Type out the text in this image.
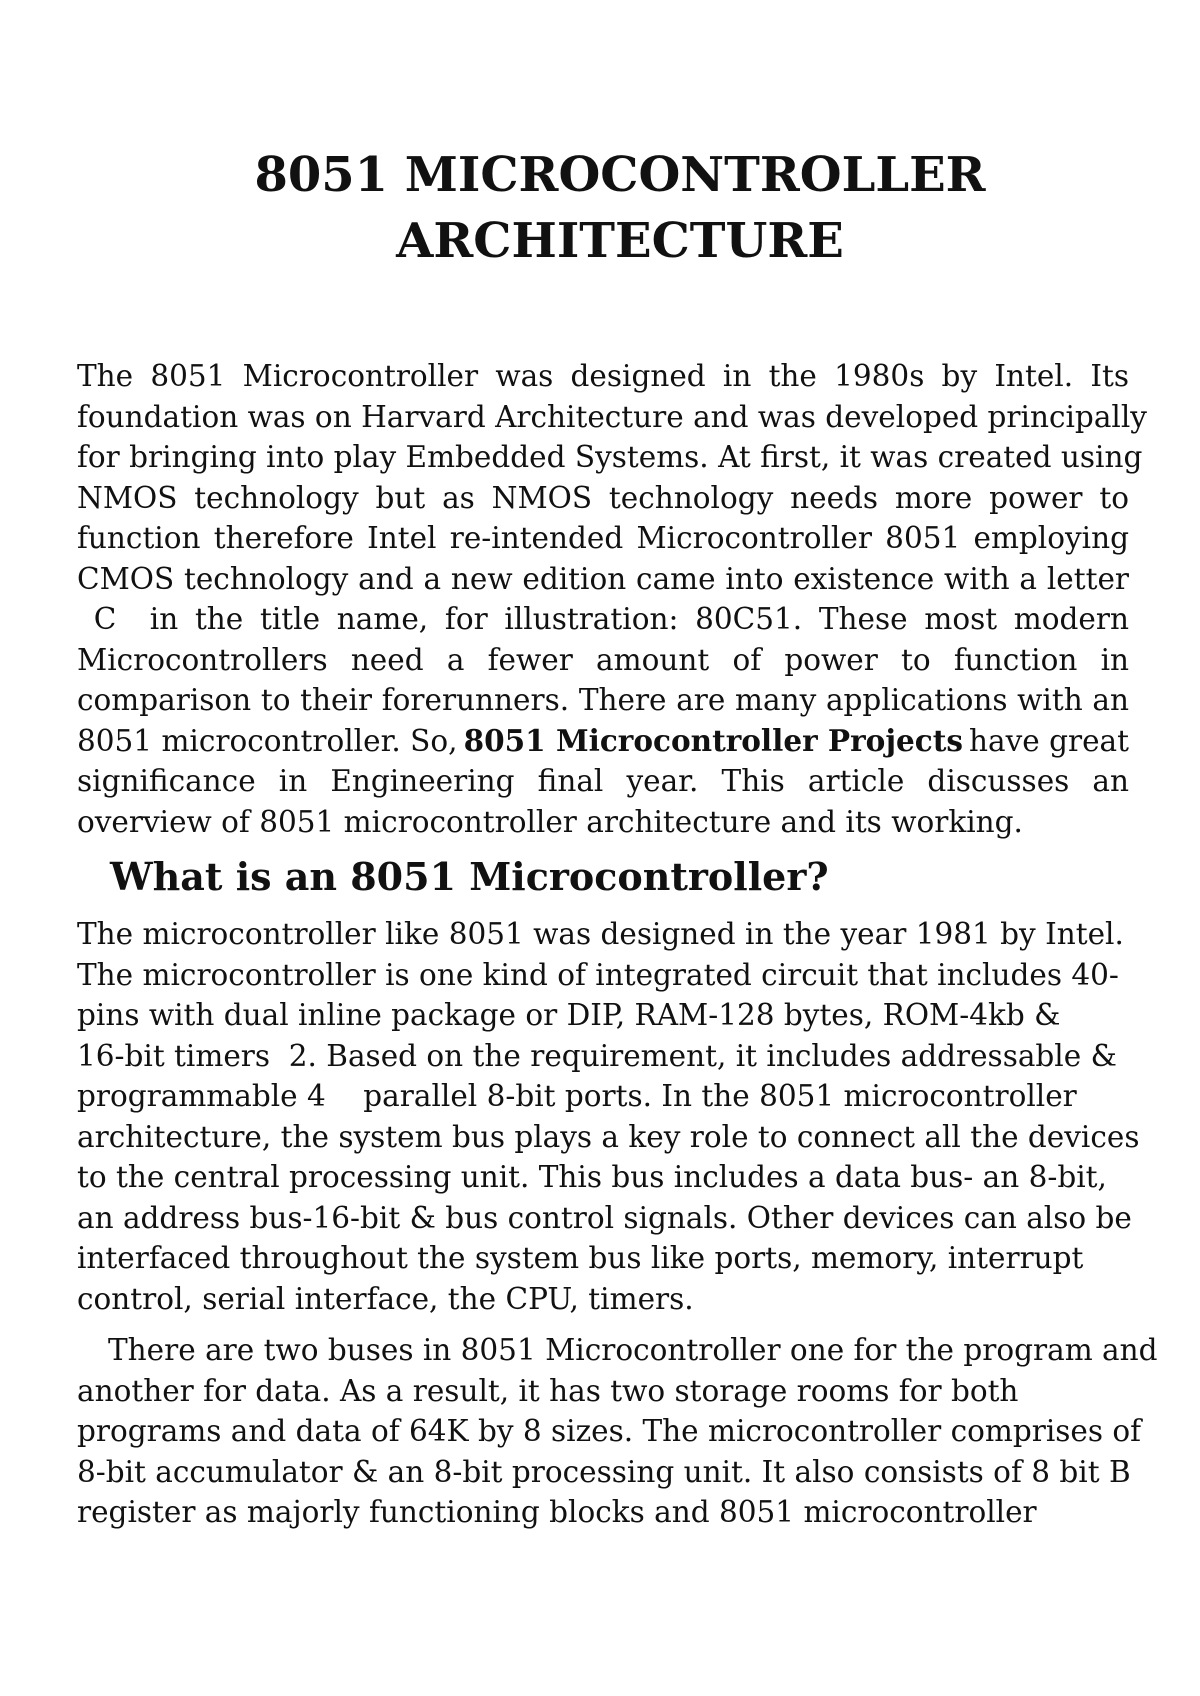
8051 MICROCONTROLLER
ARCHITECTURE

The 8051 Microcontroller was designed in the 1980s by Intel. Its
foundation was on Harvard Architecture and was developed principally
for bringing into play Embedded Systems. At first, it was created using
NMOS technology but as NMOS technology needs more power to
function therefore Intel re-intended Microcontroller 8051 employing
CMOS technology and a new edition came into existence with a letter
C  in the title name, for illustration: 80C51. These most modern
Microcontrollers need a fewer amount of power to function in
comparison to their forerunners. There are many applications with an
8051 microcontroller. So, 8051 Microcontroller Projects have great
significance in Engineering final year. This article discusses an
overview of 8051 microcontroller architecture and its working.

What is an 8051 Microcontroller?

The microcontroller like 8051 was designed in the year 1981 by Intel.
The microcontroller is one kind of integrated circuit that includes 40-
pins with dual inline package or DIP, RAM-128 bytes, ROM-4kb &
16-bit timers  2. Based on the requirement, it includes addressable &
programmable 4    parallel 8-bit ports. In the 8051 microcontroller
architecture, the system bus plays a key role to connect all the devices
to the central processing unit. This bus includes a data bus- an 8-bit,
an address bus-16-bit & bus control signals. Other devices can also be
interfaced throughout the system bus like ports, memory, interrupt
control, serial interface, the CPU, timers.

There are two buses in 8051 Microcontroller one for the program and
another for data. As a result, it has two storage rooms for both
programs and data of 64K by 8 sizes. The microcontroller comprises of
8-bit accumulator & an 8-bit processing unit. It also consists of 8 bit B
register as majorly functioning blocks and 8051 microcontroller
